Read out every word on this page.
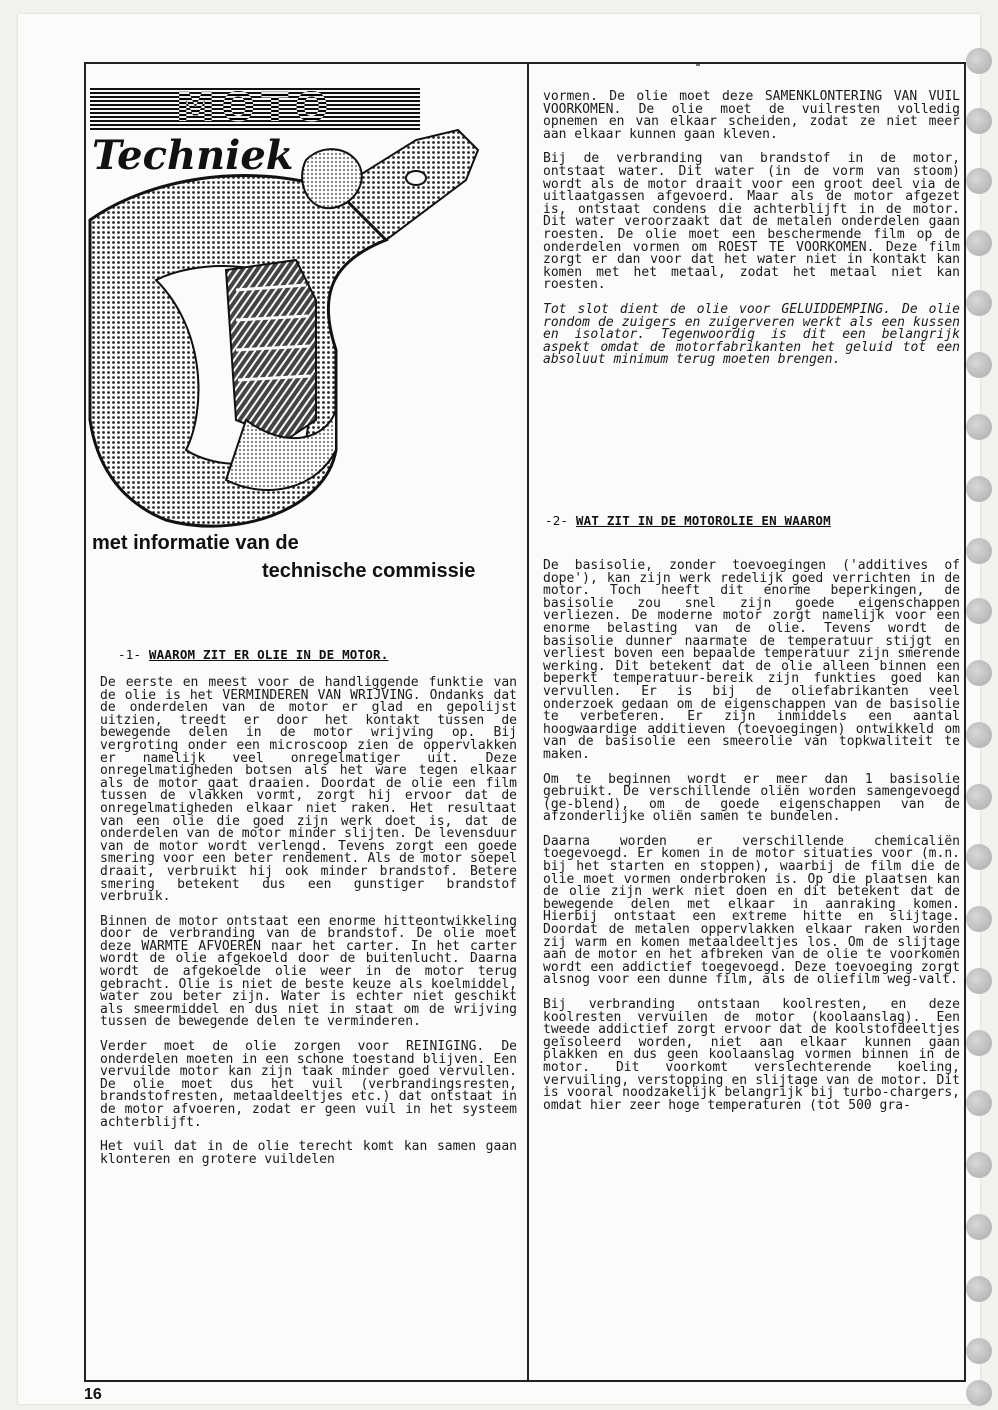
MOTO
Techniek
met informatie van de
technische commissie
-1- WAAROM ZIT ER OLIE IN DE MOTOR.

De eerste en meest voor de handliggende funktie van de olie is het VERMINDEREN VAN WRIJVING. Ondanks dat de onderdelen van de motor er glad en gepolijst uitzien, treedt er door het kontakt tussen de bewegende delen in de motor wrijving op. Bij vergroting onder een microscoop zien de oppervlakken er namelijk veel onregelmatiger uit. Deze onregelmatigheden botsen als het ware tegen elkaar als de motor gaat draaien. Doordat de olie een film tussen de vlakken vormt, zorgt hij ervoor dat de onregelmatigheden elkaar niet raken. Het resultaat van een olie die goed zijn werk doet is, dat de onderdelen van de motor minder slijten. De levensduur van de motor wordt verlengd. Tevens zorgt een goede smering voor een beter rendement. Als de motor soepel draait, verbruikt hij ook minder brandstof. Betere smering betekent dus een gunstiger brandstof verbruik.

Binnen de motor ontstaat een enorme hitteontwikkeling door de verbranding van de brandstof. De olie moet deze WARMTE AFVOEREN naar het carter. In het carter wordt de olie afgekoeld door de buitenlucht. Daarna wordt de afgekoelde olie weer in de motor terug gebracht. Olie is niet de beste keuze als koelmiddel, water zou beter zijn. Water is echter niet geschikt als smeermiddel en dus niet in staat om de wrijving tussen de bewegende delen te verminderen.

Verder moet de olie zorgen voor REINIGING. De onderdelen moeten in een schone toestand blijven. Een vervuilde motor kan zijn taak minder goed vervullen. De olie moet dus het vuil (verbrandingsresten, brandstofresten, metaaldeeltjes etc.) dat ontstaat in de motor afvoeren, zodat er geen vuil in het systeem achterblijft.

Het vuil dat in de olie terecht komt kan samen gaan klonteren en grotere vuildelen

vormen. De olie moet deze SAMENKLONTERING VAN VUIL VOORKOMEN. De olie moet de vuilresten volledig opnemen en van elkaar scheiden, zodat ze niet meer aan elkaar kunnen gaan kleven.

Bij de verbranding van brandstof in de motor, ontstaat water. Dit water (in de vorm van stoom) wordt als de motor draait voor een groot deel via de uitlaatgassen afgevoerd. Maar als de motor afgezet is, ontstaat condens die achterblijft in de motor. Dit water veroorzaakt dat de metalen onderdelen gaan roesten. De olie moet een beschermende film op de onderdelen vormen om ROEST TE VOORKOMEN. Deze film zorgt er dan voor dat het water niet in kontakt kan komen met het metaal, zodat het metaal niet kan roesten.

Tot slot dient de olie voor GELUIDDEMPING. De olie rondom de zuigers en zuigerveren werkt als een kussen en isolator. Tegenwoordig is dit een belangrijk aspekt omdat de motorfabrikanten het geluid tot een absoluut minimum terug moeten brengen.

-2- WAT ZIT IN DE MOTOROLIE EN WAAROM

De basisolie, zonder toevoegingen ('additives of dope'), kan zijn werk redelijk goed verrichten in de motor. Toch heeft dit enorme beperkingen, de basisolie zou snel zijn goede eigenschappen verliezen. De moderne motor zorgt namelijk voor een enorme belasting van de olie. Tevens wordt de basisolie dunner naarmate de temperatuur stijgt en verliest boven een bepaalde temperatuur zijn smerende werking. Dit betekent dat de olie alleen binnen een beperkt temperatuur-bereik zijn funkties goed kan vervullen. Er is bij de oliefabrikanten veel onderzoek gedaan om de eigenschappen van de basisolie te verbeteren. Er zijn inmiddels een aantal hoogwaardige additieven (toevoegingen) ontwikkeld om van de basisolie een smeerolie van topkwaliteit te maken.

Om te beginnen wordt er meer dan 1 basisolie gebruikt. De verschillende oliën worden samengevoegd (ge-blend), om de goede eigenschappen van de afzonderlijke oliën samen te bundelen.

Daarna worden er verschillende chemicaliën toegevoegd. Er komen in de motor situaties voor (m.n. bij het starten en stoppen), waarbij de film die de olie moet vormen onderbroken is. Op die plaatsen kan de olie zijn werk niet doen en dit betekent dat de bewegende delen met elkaar in aanraking komen. Hierbij ontstaat een extreme hitte en slijtage. Doordat de metalen oppervlakken elkaar raken worden zij warm en komen metaaldeeltjes los. Om de slijtage aan de motor en het afbreken van de olie te voorkomen wordt een addictief toegevoegd. Deze toevoeging zorgt alsnog voor een dunne film, als de oliefilm weg-valt.

Bij verbranding ontstaan koolresten, en deze koolresten vervuilen de motor (koolaanslag). Een tweede addictief zorgt ervoor dat de koolstofdeeltjes geïsoleerd worden, niet aan elkaar kunnen gaan plakken en dus geen koolaanslag vormen binnen in de motor. Dit voorkomt verslechterende koeling, vervuiling, verstopping en slijtage van de motor. Dit is vooral noodzakelijk belangrijk bij turbo-chargers, omdat hier zeer hoge temperaturen (tot 500 gra-

16
